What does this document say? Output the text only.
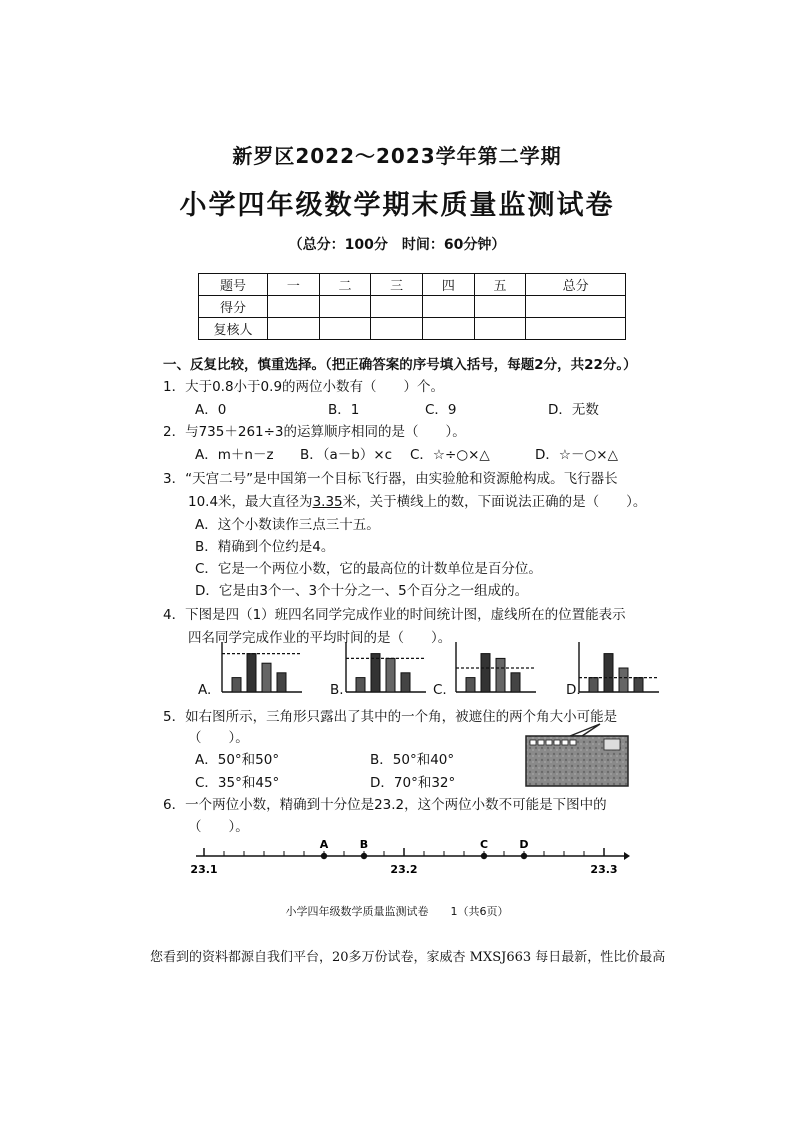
新罗区2022～2023学年第二学期
小学四年级数学期末质量监测试卷
（总分：100分　时间：60分钟）
题号	一	二	三	四	五	总分
得分						
复核人						
一、反复比较，慎重选择。（把正确答案的序号填入括号，每题2分，共22分。）
1．大于0.8小于0.9的两位小数有（　　）个。
A．0	B．1	C．9	D．无数
2．与735＋261÷3的运算顺序相同的是（　　）。
A．m＋n－z B．（a－b）×c C．☆÷○×△	D．☆－○×△
3．“天宫二号”是中国第一个目标飞行器，由实验舱和资源舱构成。飞行器长
10.4米，最大直径为3.35米，关于横线上的数，下面说法正确的是（　　）。
A．这个小数读作三点三十五。
B．精确到个位约是4。
C．它是一个两位小数，它的最高位的计数单位是百分位。
D．它是由3个一、3个十分之一、5个百分之一组成的。
4．下图是四（1）班四名同学完成作业的时间统计图，虚线所在的位置能表示
四名同学完成作业的平均时间的是（　　）。
A.	B.	C.	D.
5．如右图所示，三角形只露出了其中的一个角，被遮住的两个角大小可能是
（　　）。
A．50°和50°	B．50°和40°
C．35°和45°	D．70°和32°
6．一个两位小数，精确到十分位是23.2，这个两位小数不可能是下图中的
（　　）。
23.1	23.2	23.3
A	B	C	D
小学四年级数学质量监测试卷　　1（共6页）
您看到的资料都源自我们平台，20多万份试卷，家威杏 MXSJ663 每日最新，性比价最高
